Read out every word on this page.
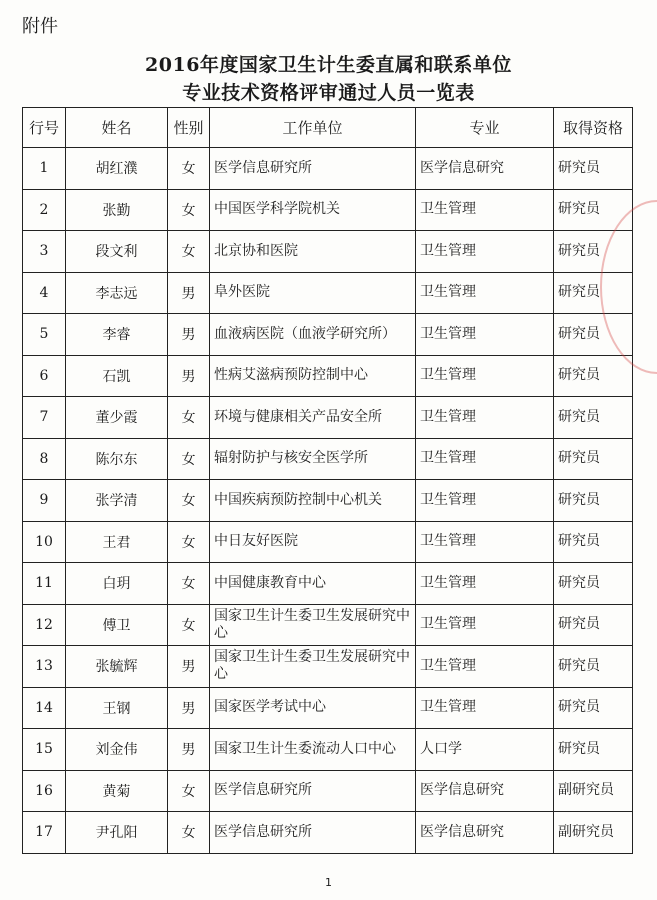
附件
2016年度国家卫生计生委直属和联系单位
专业技术资格评审通过人员一览表
行号	姓名	性别	工作单位	专业	取得资格
1	胡红濮	女	医学信息研究所	医学信息研究	研究员
2	张勤	女	中国医学科学院机关	卫生管理	研究员
3	段文利	女	北京协和医院	卫生管理	研究员
4	李志远	男	阜外医院	卫生管理	研究员
5	李睿	男	血液病医院（血液学研究所）	卫生管理	研究员
6	石凯	男	性病艾滋病预防控制中心	卫生管理	研究员
7	董少霞	女	环境与健康相关产品安全所	卫生管理	研究员
8	陈尔东	女	辐射防护与核安全医学所	卫生管理	研究员
9	张学清	女	中国疾病预防控制中心机关	卫生管理	研究员
10	王君	女	中日友好医院	卫生管理	研究员
11	白玥	女	中国健康教育中心	卫生管理	研究员
12	傅卫	女	国家卫生计生委卫生发展研究中心	卫生管理	研究员
13	张毓辉	男	国家卫生计生委卫生发展研究中心	卫生管理	研究员
14	王钢	男	国家医学考试中心	卫生管理	研究员
15	刘金伟	男	国家卫生计生委流动人口中心	人口学	研究员
16	黄菊	女	医学信息研究所	医学信息研究	副研究员
17	尹孔阳	女	医学信息研究所	医学信息研究	副研究员
1
